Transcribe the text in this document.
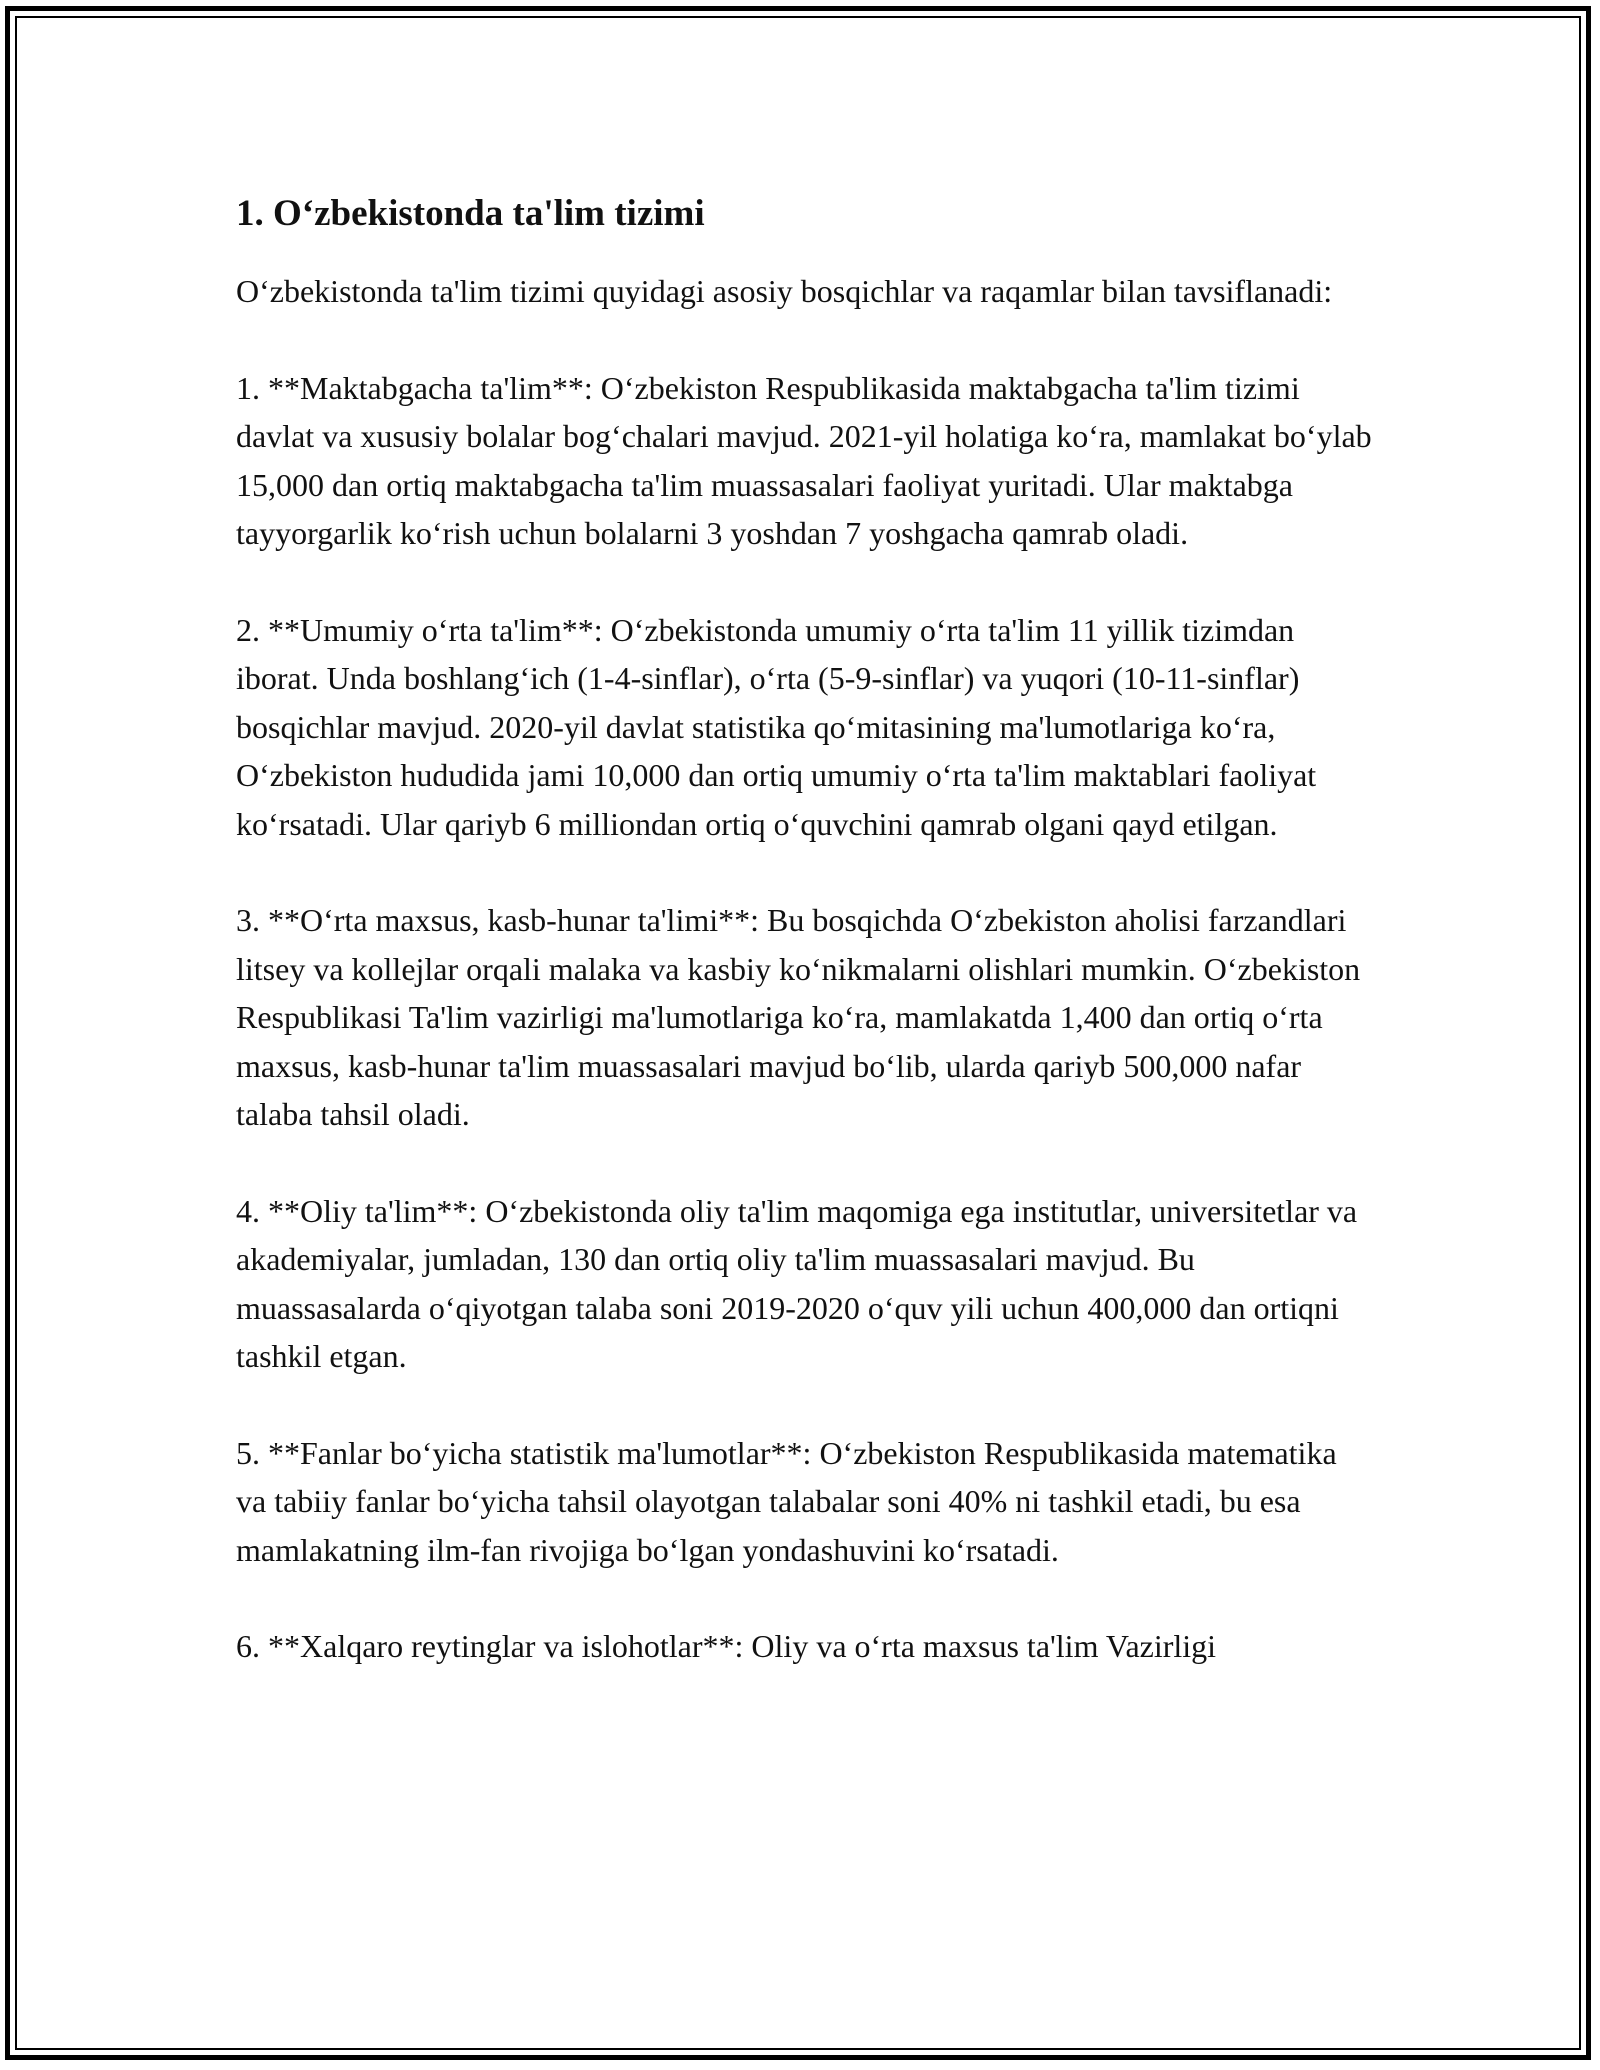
1. O‘zbekistonda ta'lim tizimi

O‘zbekistonda ta'lim tizimi quyidagi asosiy bosqichlar va raqamlar bilan tavsiflanadi:

1. **Maktabgacha ta'lim**: O‘zbekiston Respublikasida maktabgacha ta'lim tizimi davlat va xususiy bolalar bog‘chalari mavjud. 2021-yil holatiga ko‘ra, mamlakat bo‘ylab 15,000 dan ortiq maktabgacha ta'lim muassasalari faoliyat yuritadi. Ular maktabga tayyorgarlik ko‘rish uchun bolalarni 3 yoshdan 7 yoshgacha qamrab oladi.

2. **Umumiy o‘rta ta'lim**: O‘zbekistonda umumiy o‘rta ta'lim 11 yillik tizimdan iborat. Unda boshlang‘ich (1-4-sinflar), o‘rta (5-9-sinflar) va yuqori (10-11-sinflar) bosqichlar mavjud. 2020-yil davlat statistika qo‘mitasining ma'lumotlariga ko‘ra, O‘zbekiston hududida jami 10,000 dan ortiq umumiy o‘rta ta'lim maktablari faoliyat ko‘rsatadi. Ular qariyb 6 milliondan ortiq o‘quvchini qamrab olgani qayd etilgan.

3. **O‘rta maxsus, kasb-hunar ta'limi**: Bu bosqichda O‘zbekiston aholisi farzandlari litsey va kollejlar orqali malaka va kasbiy ko‘nikmalarni olishlari mumkin. O‘zbekiston Respublikasi Ta'lim vazirligi ma'lumotlariga ko‘ra, mamlakatda 1,400 dan ortiq o‘rta maxsus, kasb-hunar ta'lim muassasalari mavjud bo‘lib, ularda qariyb 500,000 nafar talaba tahsil oladi.

4. **Oliy ta'lim**: O‘zbekistonda oliy ta'lim maqomiga ega institutlar, universitetlar va akademiyalar, jumladan, 130 dan ortiq oliy ta'lim muassasalari mavjud. Bu muassasalarda o‘qiyotgan talaba soni 2019-2020 o‘quv yili uchun 400,000 dan ortiqni tashkil etgan.

5. **Fanlar bo‘yicha statistik ma'lumotlar**: O‘zbekiston Respublikasida matematika va tabiiy fanlar bo‘yicha tahsil olayotgan talabalar soni 40% ni tashkil etadi, bu esa mamlakatning ilm-fan rivojiga bo‘lgan yondashuvini ko‘rsatadi.

6. **Xalqaro reytinglar va islohotlar**: Oliy va o‘rta maxsus ta'lim Vazirligi
